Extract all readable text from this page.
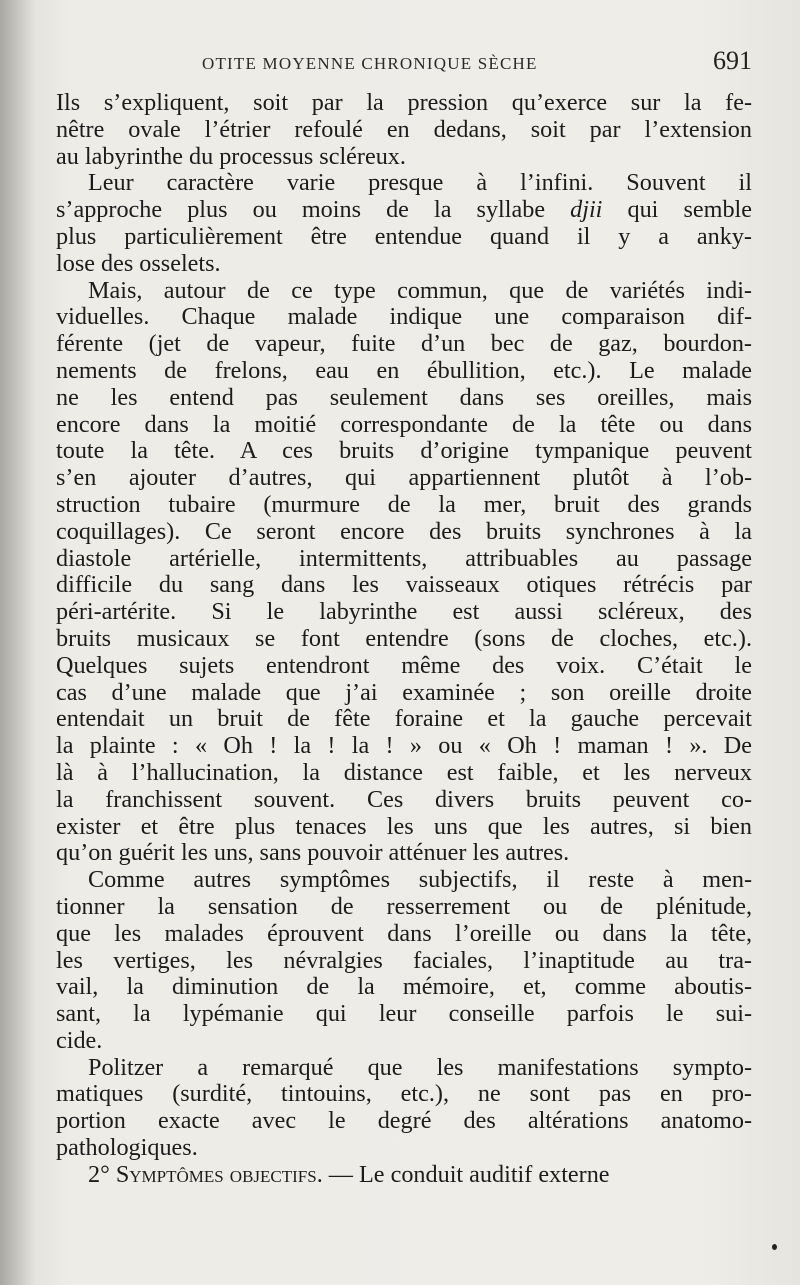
OTITE MOYENNE CHRONIQUE SÈCHE	691
Ils s’expliquent, soit par la pression qu’exerce sur la fe-
nêtre ovale l’étrier refoulé en dedans, soit par l’extension
au labyrinthe du processus scléreux.
Leur caractère varie presque à l’infini. Souvent il
s’approche plus ou moins de la syllabe djii qui semble
plus particulièrement être entendue quand il y a anky-
lose des osselets.
Mais, autour de ce type commun, que de variétés indi-
viduelles. Chaque malade indique une comparaison dif-
férente (jet de vapeur, fuite d’un bec de gaz, bourdon-
nements de frelons, eau en ébullition, etc.). Le malade
ne les entend pas seulement dans ses oreilles, mais
encore dans la moitié correspondante de la tête ou dans
toute la tête. A ces bruits d’origine tympanique peuvent
s’en ajouter d’autres, qui appartiennent plutôt à l’ob-
struction tubaire (murmure de la mer, bruit des grands
coquillages). Ce seront encore des bruits synchrones à la
diastole artérielle, intermittents, attribuables au passage
difficile du sang dans les vaisseaux otiques rétrécis par
péri-artérite. Si le labyrinthe est aussi scléreux, des
bruits musicaux se font entendre (sons de cloches, etc.).
Quelques sujets entendront même des voix. C’était le
cas d’une malade que j’ai examinée ; son oreille droite
entendait un bruit de fête foraine et la gauche percevait
la plainte : « Oh ! la ! la ! » ou « Oh ! maman ! ». De
là à l’hallucination, la distance est faible, et les nerveux
la franchissent souvent. Ces divers bruits peuvent co-
exister et être plus tenaces les uns que les autres, si bien
qu’on guérit les uns, sans pouvoir atténuer les autres.
Comme autres symptômes subjectifs, il reste à men-
tionner la sensation de resserrement ou de plénitude,
que les malades éprouvent dans l’oreille ou dans la tête,
les vertiges, les névralgies faciales, l’inaptitude au tra-
vail, la diminution de la mémoire, et, comme aboutis-
sant, la lypémanie qui leur conseille parfois le sui-
cide.
Politzer a remarqué que les manifestations sympto-
matiques (surdité, tintouins, etc.), ne sont pas en pro-
portion exacte avec le degré des altérations anatomo-
pathologiques.
2° Symptômes objectifs. — Le conduit auditif externe
